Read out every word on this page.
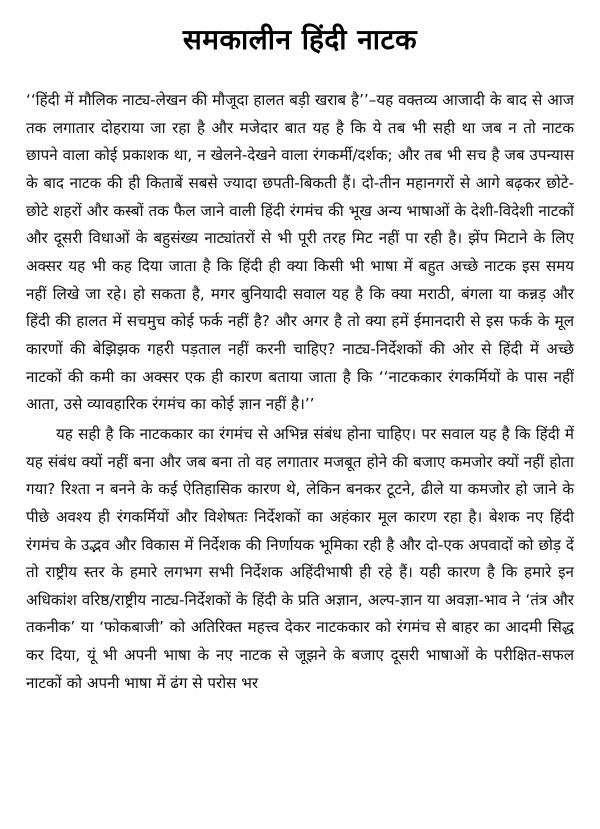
समकालीन हिंदी नाटक

‘‘हिंदी में मौलिक नाट्य-लेखन की मौजूदा हालत बड़ी खराब है’’–यह वक्तव्य आजादी के बाद से आज तक लगातार दोहराया जा रहा है और मजेदार बात यह है कि ये तब भी सही था जब न तो नाटक छापने वाला कोई प्रकाशक था, न खेलने-देखने वाला रंगकर्मी/दर्शक; और तब भी सच है जब उपन्यास के बाद नाटक की ही किताबें सबसे ज्यादा छपती-बिकती हैं। दो-तीन महानगरों से आगे बढ़कर छोटे-छोटे शहरों और कस्बों तक फैल जाने वाली हिंदी रंगमंच की भूख अन्य भाषाओं के देशी-विदेशी नाटकों और दूसरी विधाओं के बहुसंख्य नाट्यांतरों से भी पूरी तरह मिट नहीं पा रही है। झेंप मिटाने के लिए अक्सर यह भी कह दिया जाता है कि हिंदी ही क्या किसी भी भाषा में बहुत अच्छे नाटक इस समय नहीं लिखे जा रहे। हो सकता है, मगर बुनियादी सवाल यह है कि क्या मराठी, बंगला या कन्नड़ और हिंदी की हालत में सचमुच कोई फर्क नहीं है? और अगर है तो क्या हमें ईमानदारी से इस फर्क के मूल कारणों की बेझिझक गहरी पड़ताल नहीं करनी चाहिए? नाट्य-निर्देशकों की ओर से हिंदी में अच्छे नाटकों की कमी का अक्सर एक ही कारण बताया जाता है कि ‘‘नाटककार रंगकर्मियों के पास नहीं आता, उसे व्यावहारिक रंगमंच का कोई ज्ञान नहीं है।’’

यह सही है कि नाटककार का रंगमंच से अभिन्न संबंध होना चाहिए। पर सवाल यह है कि हिंदी में यह संबंध क्यों नहीं बना और जब बना तो वह लगातार मजबूत होने की बजाए कमजोर क्यों नहीं होता गया? रिश्ता न बनने के कई ऐतिहासिक कारण थे, लेकिन बनकर टूटने, ढीले या कमजोर हो जाने के पीछे अवश्य ही रंगकर्मियों और विशेषतः निर्देशकों का अहंकार मूल कारण रहा है। बेशक नए हिंदी रंगमंच के उद्भव और विकास में निर्देशक की निर्णायक भूमिका रही है और दो-एक अपवादों को छोड़ दें तो राष्ट्रीय स्तर के हमारे लगभग सभी निर्देशक अहिंदीभाषी ही रहे हैं। यही कारण है कि हमारे इन अधिकांश वरिष्ठ/राष्ट्रीय नाट्य-निर्देशकों के हिंदी के प्रति अज्ञान, अल्प-ज्ञान या अवज्ञा-भाव ने ‘तंत्र और तकनीक’ या ‘फोकबाजी’ को अतिरिक्त महत्त्व देकर नाटककार को रंगमंच से बाहर का आदमी सिद्ध कर दिया, यूं भी अपनी भाषा के नए नाटक से जूझने के बजाए दूसरी भाषाओं के परीक्षित-सफल नाटकों को अपनी भाषा में ढंग से परोस भर
